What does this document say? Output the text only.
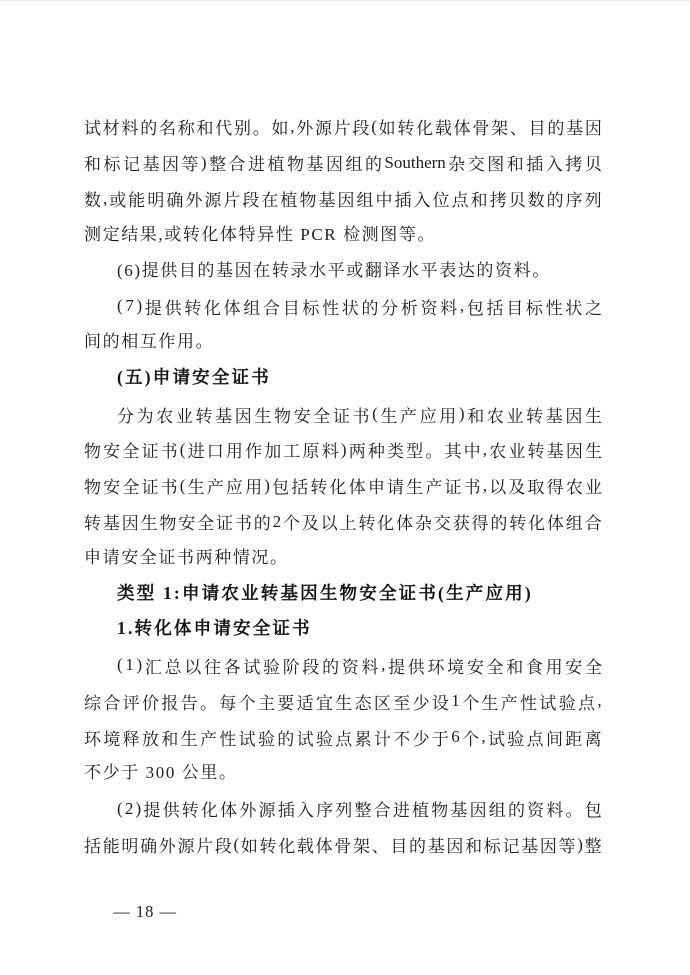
试 材 料 的 名 称 和 代 别 。 如 , 外 源 片 段 ( 如 转 化 载 体 骨 架 、 目 的 基 因
和 标 记 基 因 等 ) 整 合 进 植 物 基 因 组 的 Southern 杂 交 图 和 插 入 拷 贝
数 , 或 能 明 确 外 源 片 段 在 植 物 基 因 组 中 插 入 位 点 和 拷 贝 数 的 序 列
测定结果,或转化体特异性 PCR 检测图等。
(6)提供目的基因在转录水平或翻译水平表达的资料。
( 7 ) 提 供 转 化 体 组 合 目 标 性 状 的 分 析 资 料 , 包 括 目 标 性 状 之
间的相互作用。
(五)申请安全证书
分 为 农 业 转 基 因 生 物 安 全 证 书 ( 生 产 应 用 ) 和 农 业 转 基 因 生
物 安 全 证 书 ( 进 口 用 作 加 工 原 料 ) 两 种 类 型 。 其 中 , 农 业 转 基 因 生
物 安 全 证 书 ( 生 产 应 用 ) 包 括 转 化 体 申 请 生 产 证 书 , 以 及 取 得 农 业
转 基 因 生 物 安 全 证 书 的 2 个 及 以 上 转 化 体 杂 交 获 得 的 转 化 体 组 合
申请安全证书两种情况。
类型 1:申请农业转基因生物安全证书(生产应用)
1.转化体申请安全证书
( 1 ) 汇 总 以 往 各 试 验 阶 段 的 资 料 , 提 供 环 境 安 全 和 食 用 安 全
综 合 评 价 报 告 。 每 个 主 要 适 宜 生 态 区 至 少 设 1 个 生 产 性 试 验 点 ,
环 境 释 放 和 生 产 性 试 验 的 试 验 点 累 计 不 少 于 6 个 , 试 验 点 间 距 离
不少于 300 公里。
( 2 ) 提 供 转 化 体 外 源 插 入 序 列 整 合 进 植 物 基 因 组 的 资 料 。 包
括 能 明 确 外 源 片 段 ( 如 转 化 载 体 骨 架 、 目 的 基 因 和 标 记 基 因 等 ) 整

— 18 —
